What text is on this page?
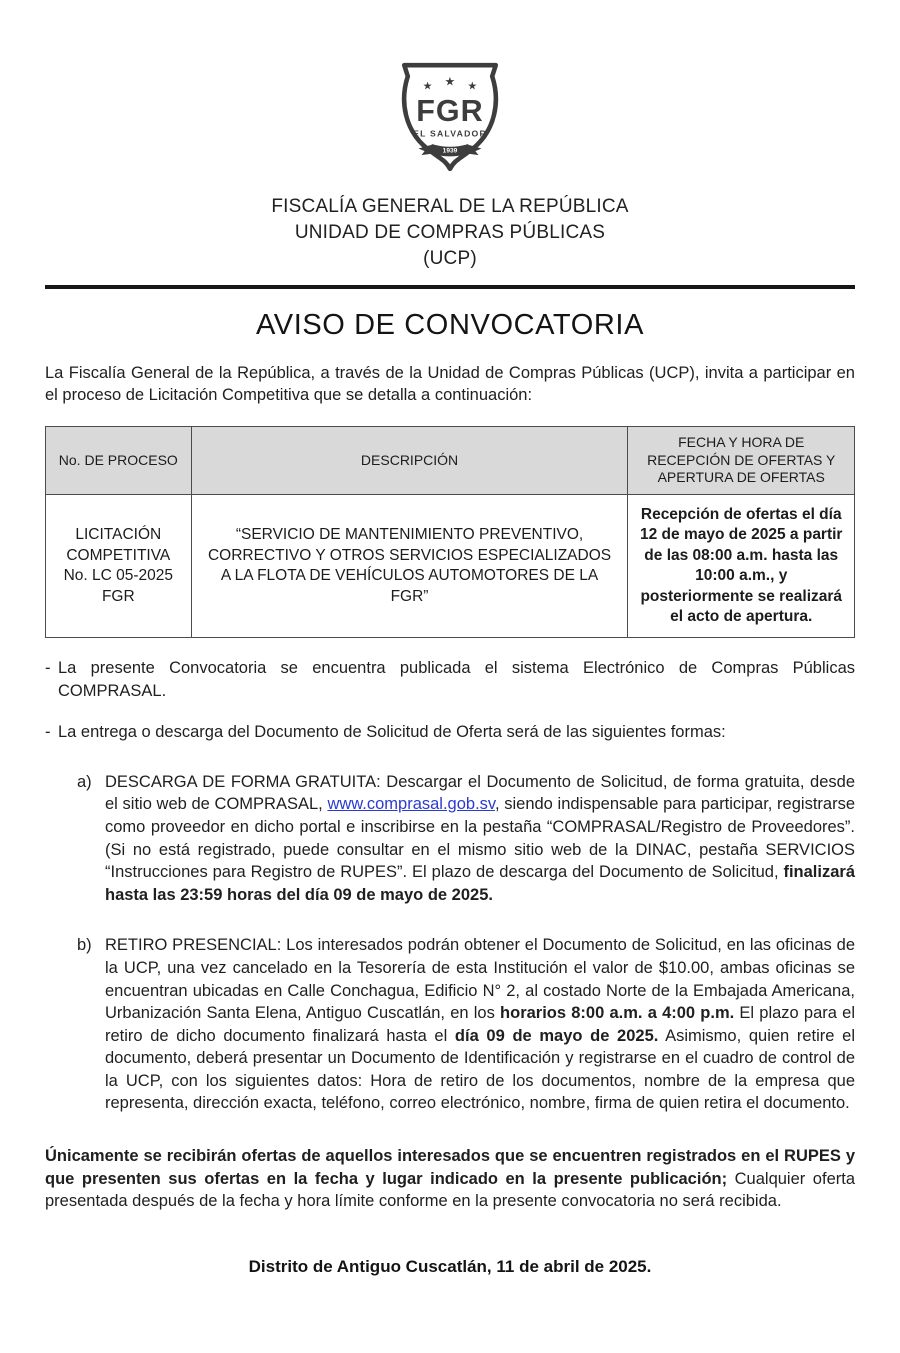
★ ★ ★
FGR
EL SALVADOR
1939
FISCALÍA GENERAL DE LA REPÚBLICA
UNIDAD DE COMPRAS PÚBLICAS
(UCP)
AVISO DE CONVOCATORIA

La Fiscalía General de la República, a través de la Unidad de Compras Públicas (UCP), invita a participar en el proceso de Licitación Competitiva que se detalla a continuación:

No. DE PROCESO	DESCRIPCIÓN	FECHA Y HORA DE RECEPCIÓN DE OFERTAS Y APERTURA DE OFERTAS
LICITACIÓN COMPETITIVA No. LC 05-2025 FGR	“SERVICIO DE MANTENIMIENTO PREVENTIVO, CORRECTIVO Y OTROS SERVICIOS ESPECIALIZADOS A LA FLOTA DE VEHÍCULOS AUTOMOTORES DE LA FGR”	Recepción de ofertas el día 12 de mayo de 2025 a partir de las 08:00 a.m. hasta las 10:00 a.m., y posteriormente se realizará el acto de apertura.
- La presente Convocatoria se encuentra publicada el sistema Electrónico de Compras Públicas COMPRASAL.
- La entrega o descarga del Documento de Solicitud de Oferta será de las siguientes formas:
a) DESCARGA DE FORMA GRATUITA: Descargar el Documento de Solicitud, de forma gratuita, desde el sitio web de COMPRASAL, www.comprasal.gob.sv, siendo indispensable para participar, registrarse como proveedor en dicho portal e inscribirse en la pestaña “COMPRASAL/Registro de Proveedores”. (Si no está registrado, puede consultar en el mismo sitio web de la DINAC, pestaña SERVICIOS “Instrucciones para Registro de RUPES”. El plazo de descarga del Documento de Solicitud, finalizará hasta las 23:59 horas del día 09 de mayo de 2025.
b) RETIRO PRESENCIAL: Los interesados podrán obtener el Documento de Solicitud, en las oficinas de la UCP, una vez cancelado en la Tesorería de esta Institución el valor de $10.00, ambas oficinas se encuentran ubicadas en Calle Conchagua, Edificio N° 2, al costado Norte de la Embajada Americana, Urbanización Santa Elena, Antiguo Cuscatlán, en los horarios 8:00 a.m. a 4:00 p.m. El plazo para el retiro de dicho documento finalizará hasta el día 09 de mayo de 2025. Asimismo, quien retire el documento, deberá presentar un Documento de Identificación y registrarse en el cuadro de control de la UCP, con los siguientes datos: Hora de retiro de los documentos, nombre de la empresa que representa, dirección exacta, teléfono, correo electrónico, nombre, firma de quien retira el documento.

Únicamente se recibirán ofertas de aquellos interesados que se encuentren registrados en el RUPES y que presenten sus ofertas en la fecha y lugar indicado en la presente publicación; Cualquier oferta presentada después de la fecha y hora límite conforme en la presente convocatoria no será recibida.

Distrito de Antiguo Cuscatlán, 11 de abril de 2025.
